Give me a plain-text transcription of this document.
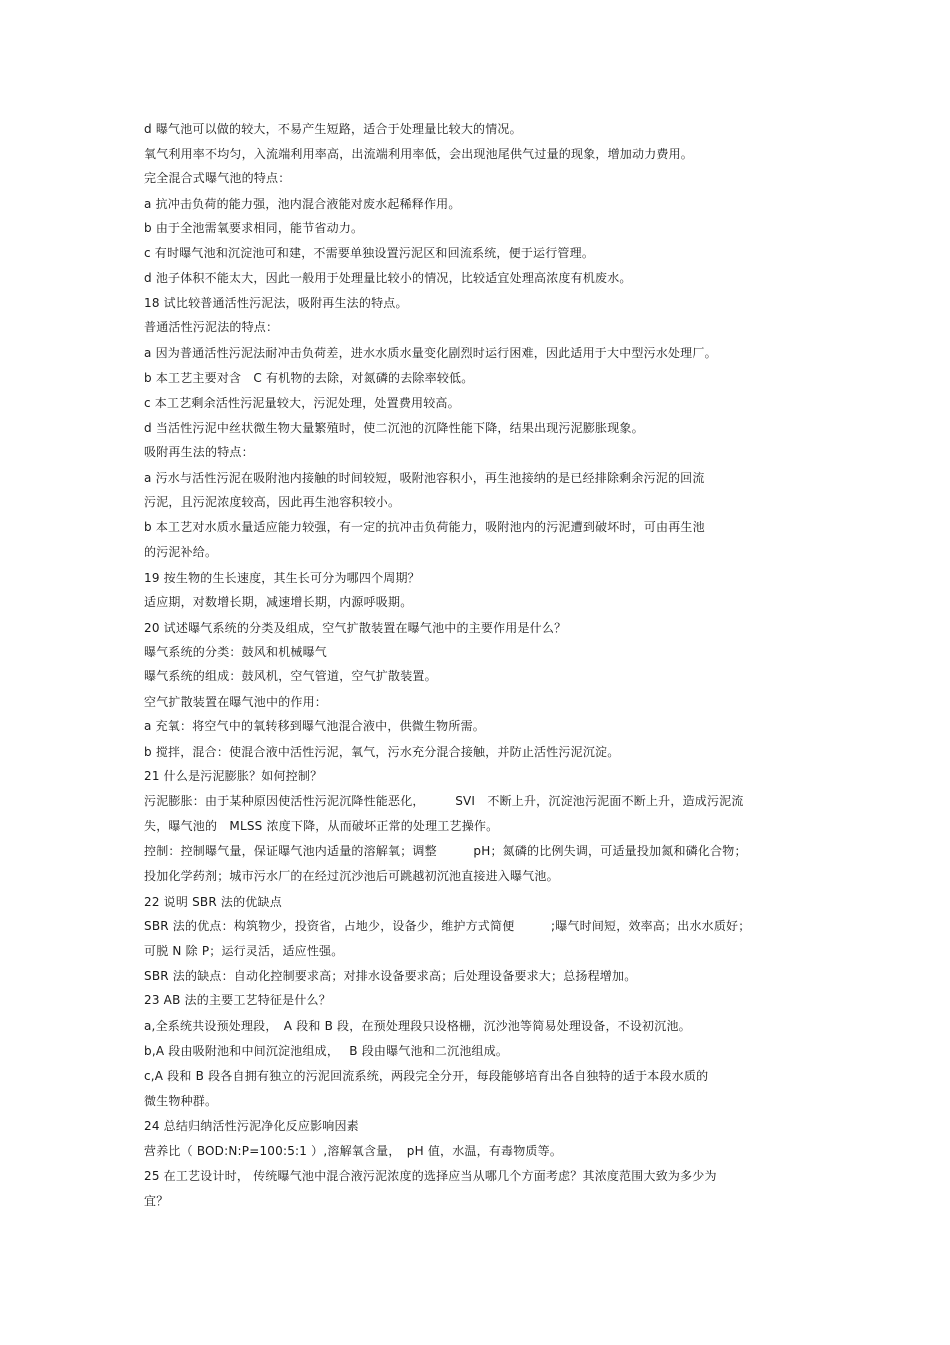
d 曝气池可以做的较大，不易产生短路，适合于处理量比较大的情况。
氧气利用率不均匀，入流端利用率高，出流端利用率低，会出现池尾供气过量的现象，增加动力费用。
完全混合式曝气池的特点：
a 抗冲击负荷的能力强，池内混合液能对废水起稀释作用。
b 由于全池需氧要求相同，能节省动力。
c 有时曝气池和沉淀池可和建，不需要单独设置污泥区和回流系统，便于运行管理。
d 池子体积不能太大，因此一般用于处理量比较小的情况，比较适宜处理高浓度有机废水。
18 试比较普通活性污泥法，吸附再生法的特点。
普通活性污泥法的特点：
a 因为普通活性污泥法耐冲击负荷差，进水水质水量变化剧烈时运行困难，因此适用于大中型污水处理厂。
b 本工艺主要对含　C 有机物的去除，对氮磷的去除率较低。
c 本工艺剩余活性污泥量较大，污泥处理，处置费用较高。
d 当活性污泥中丝状微生物大量繁殖时，使二沉池的沉降性能下降，结果出现污泥膨胀现象。
吸附再生法的特点：
a 污水与活性污泥在吸附池内接触的时间较短，吸附池容积小，再生池接纳的是已经排除剩余污泥的回流
污泥，且污泥浓度较高，因此再生池容积较小。
b 本工艺对水质水量适应能力较强，有一定的抗冲击负荷能力，吸附池内的污泥遭到破坏时，可由再生池
的污泥补给。
19 按生物的生长速度，其生长可分为哪四个周期？
适应期，对数增长期，减速增长期，内源呼吸期。
20 试述曝气系统的分类及组成，空气扩散装置在曝气池中的主要作用是什么？
曝气系统的分类：鼓风和机械曝气
曝气系统的组成：鼓风机，空气管道，空气扩散装置。
空气扩散装置在曝气池中的作用：
a 充氧：将空气中的氧转移到曝气池混合液中，供微生物所需。
b 搅拌，混合：使混合液中活性污泥，氧气，污水充分混合接触，并防止活性污泥沉淀。
21 什么是污泥膨胀？如何控制？
污泥膨胀：由于某种原因使活性污泥沉降性能恶化，　　　SVI　不断上升，沉淀池污泥面不断上升，造成污泥流
失，曝气池的　MLSS 浓度下降，从而破坏正常的处理工艺操作。
控制：控制曝气量，保证曝气池内适量的溶解氧；调整　　　pH；氮磷的比例失调，可适量投加氮和磷化合物；
投加化学药剂；城市污水厂的在经过沉沙池后可跳越初沉池直接进入曝气池。
22 说明 SBR 法的优缺点
SBR 法的优点：构筑物少，投资省，占地少，设备少，维护方式简便　　　;曝气时间短，效率高；出水水质好；
可脱 N 除 P；运行灵活，适应性强。
SBR 法的缺点：自动化控制要求高；对排水设备要求高；后处理设备要求大；总扬程增加。
23 AB 法的主要工艺特征是什么？
a,全系统共设预处理段，　A 段和 B 段，在预处理段只设格栅，沉沙池等简易处理设备，不设初沉池。
b,A 段由吸附池和中间沉淀池组成，　 B 段由曝气池和二沉池组成。
c,A 段和 B 段各自拥有独立的污泥回流系统，两段完全分开，每段能够培育出各自独特的适于本段水质的
微生物种群。
24 总结归纳活性污泥净化反应影响因素
营养比（ BOD:N:P=100:5:1 ）,溶解氧含量，　pH 值，水温，有毒物质等。
25 在工艺设计时， 传统曝气池中混合液污泥浓度的选择应当从哪几个方面考虑？其浓度范围大致为多少为
宜？
